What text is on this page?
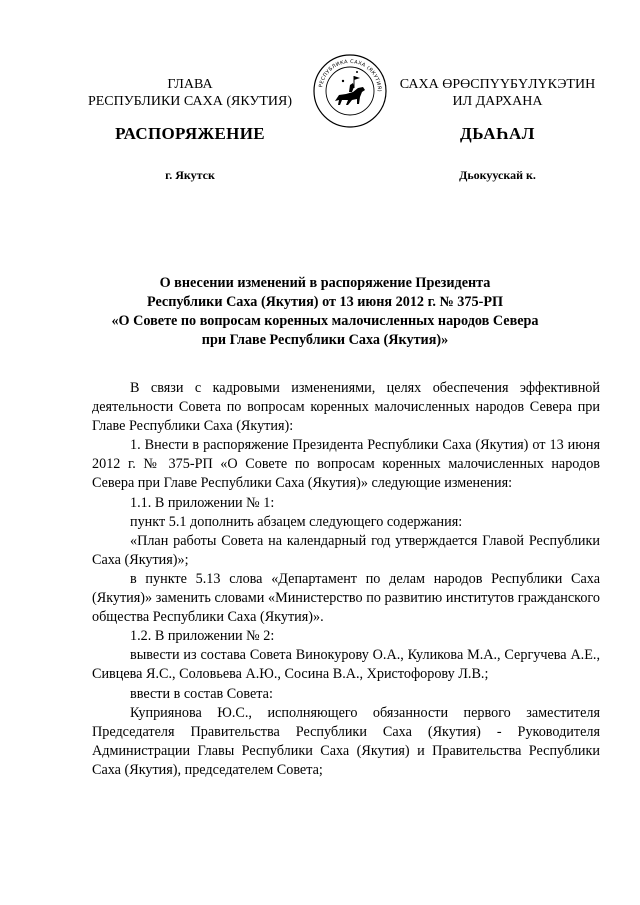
ГЛАВА
РЕСПУБЛИКИ САХА (ЯКУТИЯ)
РЕСПУБЛИКА САХА (ЯКУТИЯ)	САХА ӨРӨСПҮҮБҮЛҮКЭТИН
ИЛ ДАРХАНА
РАСПОРЯЖЕНИЕ	ДЬАҺАЛ
г. Якутск	Дьокуускай к.
О внесении изменений в распоряжение Президента
Республики Саха (Якутия) от 13 июня 2012 г. № 375-РП
«О Совете по вопросам коренных малочисленных народов Севера
при Главе Республики Саха (Якутия)»

В связи с кадровыми изменениями, целях обеспечения эффективной деятельности Совета по вопросам коренных малочисленных народов Севера при Главе Республики Саха (Якутия):

1. Внести в распоряжение Президента Республики Саха (Якутия) от 13 июня 2012 г. № 375-РП «О Совете по вопросам коренных малочисленных народов Севера при Главе Республики Саха (Якутия)» следующие изменения:

1.1. В приложении № 1:

пункт 5.1 дополнить абзацем следующего содержания:

«План работы Совета на календарный год утверждается Главой Республики Саха (Якутия)»;

в пункте 5.13 слова «Департамент по делам народов Республики Саха (Якутия)» заменить словами «Министерство по развитию институтов гражданского общества Республики Саха (Якутия)».

1.2. В приложении № 2:

вывести из состава Совета Винокурову О.А., Куликова М.А., Сергучева А.Е., Сивцева Я.С., Соловьева А.Ю., Сосина В.А., Христофорову Л.В.;

ввести в состав Совета:

Куприянова Ю.С., исполняющего обязанности первого заместителя Председателя Правительства Республики Саха (Якутия) - Руководителя Администрации Главы Республики Саха (Якутия) и Правительства Республики Саха (Якутия), председателем Совета;
